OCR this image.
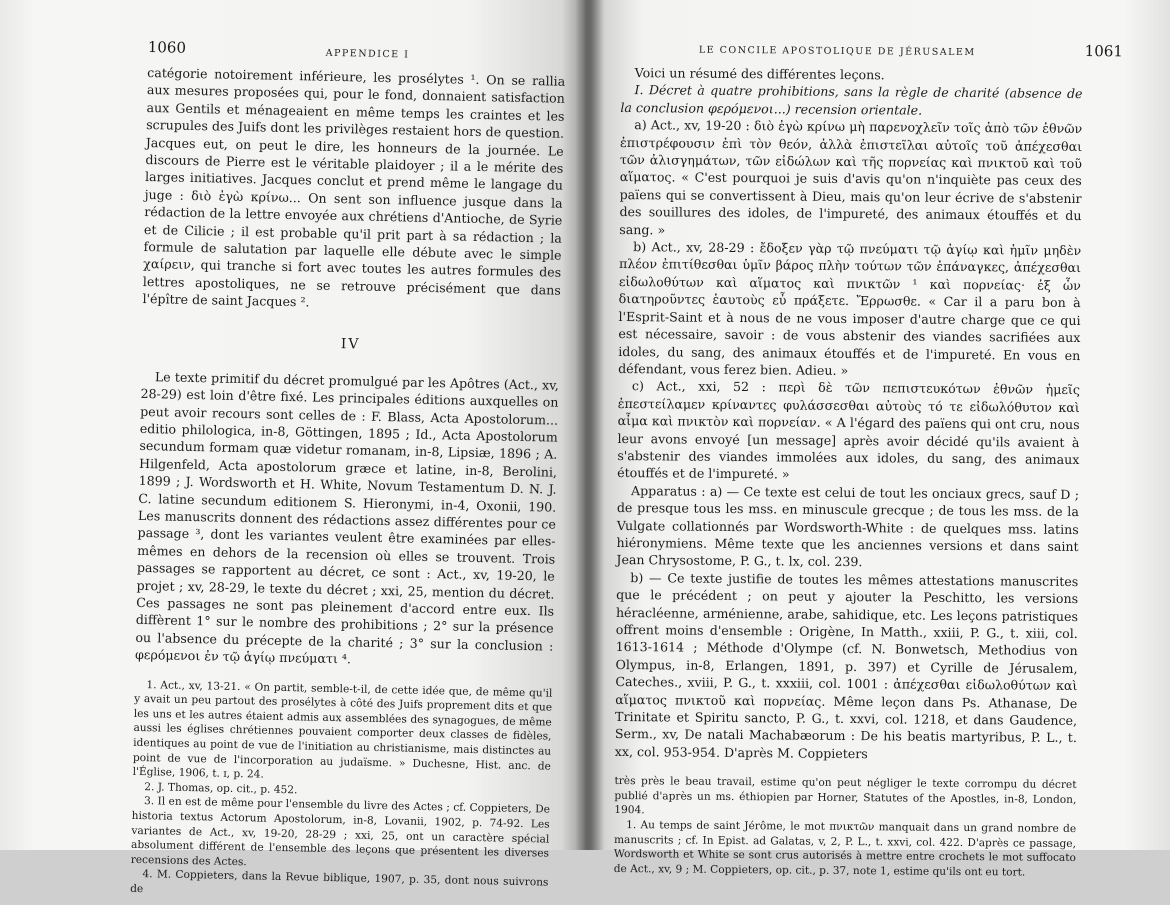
1060	APPENDICE I

catégorie notoirement inférieure, les prosélytes ¹. On se rallia aux mesures proposées qui, pour le fond, donnaient satisfaction aux Gentils et ménageaient en même temps les craintes et les scrupules des Juifs dont les privilèges restaient hors de question. Jacques eut, on peut le dire, les honneurs de la journée. Le discours de Pierre est le véritable plaidoyer ; il a le mérite des larges initiatives. Jacques conclut et prend même le langage du juge : διὸ ἐγὼ κρίνω... On sent son influence jusque dans la rédaction de la lettre envoyée aux chrétiens d'Antioche, de Syrie et de Cilicie ; il est probable qu'il prit part à sa rédaction ; la formule de salutation par laquelle elle débute avec le simple χαίρειν, qui tranche si fort avec toutes les autres formules des lettres apostoliques, ne se retrouve précisément que dans l'épître de saint Jacques ².

IV

Le texte primitif du décret promulgué par les Apôtres (Act., xv, 28-29) est loin d'être fixé. Les principales éditions auxquelles on peut avoir recours sont celles de : F. Blass, Acta Apostolorum... editio philologica, in-8, Göttingen, 1895 ; Id., Acta Apostolorum secundum formam quæ videtur romanam, in-8, Lipsiæ, 1896 ; A. Hilgenfeld, Acta apostolorum græce et latine, in-8, Berolini, 1899 ; J. Wordsworth et H. White, Novum Testamentum D. N. J. C. latine secundum editionem S. Hieronymi, in-4, Oxonii, 190. Les manuscrits donnent des rédactions assez différentes pour ce passage ³, dont les variantes veulent être examinées par elles-mêmes en dehors de la recension où elles se trouvent. Trois passages se rapportent au décret, ce sont : Act., xv, 19-20, le projet ; xv, 28-29, le texte du décret ; xxi, 25, mention du décret. Ces passages ne sont pas pleinement d'accord entre eux. Ils diffèrent 1° sur le nombre des prohibitions ; 2° sur la présence ou l'absence du précepte de la charité ; 3° sur la conclusion : φερόμενοι ἐν τῷ ἁγίῳ πνεύματι ⁴.

1. Act., xv, 13-21. « On partit, semble-t-il, de cette idée que, de même qu'il y avait un peu partout des prosélytes à côté des Juifs proprement dits et que les uns et les autres étaient admis aux assemblées des synagogues, de même aussi les églises chrétiennes pouvaient comporter deux classes de fidèles, identiques au point de vue de l'initiation au christianisme, mais distinctes au point de vue de l'incorporation au judaïsme. » Duchesne, Hist. anc. de l'Église, 1906, t. ɪ, p. 24.

2. J. Thomas, op. cit., p. 452.

3. Il en est de même pour l'ensemble du livre des Actes ; cf. Coppieters, De historia textus Actorum Apostolorum, in-8, Lovanii, 1902, p. 74-92. Les variantes de Act., xv, 19-20, 28-29 ; xxi, 25, ont un caractère spécial absolument différent de l'ensemble des leçons que présentent les diverses recensions des Actes.

4. M. Coppieters, dans la Revue biblique, 1907, p. 35, dont nous suivrons de

LE CONCILE APOSTOLIQUE DE JÉRUSALEM	1061

Voici un résumé des différentes leçons.

I. Décret à quatre prohibitions, sans la règle de charité (absence de la conclusion φερόμενοι...) recension orientale.

a) Act., xv, 19-20 : διὸ ἐγὼ κρίνω μὴ παρενοχλεῖν τοῖς ἀπὸ τῶν ἐθνῶν ἐπιστρέφουσιν ἐπὶ τὸν θεόν, ἀλλὰ ἐπιστεῖλαι αὐτοῖς τοῦ ἀπέχεσθαι τῶν ἀλισγημάτων, τῶν εἰδώλων καὶ τῆς πορνείας καὶ πνικτοῦ καὶ τοῦ αἵματος. « C'est pourquoi je suis d'avis qu'on n'inquiète pas ceux des païens qui se convertissent à Dieu, mais qu'on leur écrive de s'abstenir des souillures des idoles, de l'impureté, des animaux étouffés et du sang. »

b) Act., xv, 28-29 : ἔδοξεν γὰρ τῷ πνεύματι τῷ ἁγίῳ καὶ ἡμῖν μηδὲν πλέον ἐπιτίθεσθαι ὑμῖν βάρος πλὴν τούτων τῶν ἐπάναγκες, ἀπέχεσθαι εἰδωλοθύτων καὶ αἵματος καὶ πνικτῶν ¹ καὶ πορνείας· ἐξ ὧν διατηροῦντες ἑαυτοὺς εὖ πράξετε. Ἔρρωσθε. « Car il a paru bon à l'Esprit-Saint et à nous de ne vous imposer d'autre charge que ce qui est nécessaire, savoir : de vous abstenir des viandes sacrifiées aux idoles, du sang, des animaux étouffés et de l'impureté. En vous en défendant, vous ferez bien. Adieu. »

c) Act., xxi, 52 : περὶ δὲ τῶν πεπιστευκότων ἐθνῶν ἡμεῖς ἐπεστείλαμεν κρίναντες φυλάσσεσθαι αὐτοὺς τό τε εἰδωλόθυτον καὶ αἷμα καὶ πνικτὸν καὶ πορνείαν. « A l'égard des païens qui ont cru, nous leur avons envoyé [un message] après avoir décidé qu'ils avaient à s'abstenir des viandes immolées aux idoles, du sang, des animaux étouffés et de l'impureté. »

Apparatus : a) — Ce texte est celui de tout les onciaux grecs, sauf D ; de presque tous les mss. en minuscule grecque ; de tous les mss. de la Vulgate collationnés par Wordsworth-White : de quelques mss. latins hiéronymiens. Même texte que les anciennes versions et dans saint Jean Chrysostome, P. G., t. lx, col. 239.

b) — Ce texte justifie de toutes les mêmes attestations manuscrites que le précédent ; on peut y ajouter la Peschitto, les versions héracléenne, arménienne, arabe, sahidique, etc. Les leçons patristiques offrent moins d'ensemble : Origène, In Matth., xxiii, P. G., t. xiii, col. 1613-1614 ; Méthode d'Olympe (cf. N. Bonwetsch, Methodius von Olympus, in-8, Erlangen, 1891, p. 397) et Cyrille de Jérusalem, Cateches., xviii, P. G., t. xxxiii, col. 1001 : ἀπέχεσθαι εἰδωλοθύτων καὶ αἵματος πνικτοῦ καὶ πορνείας. Même leçon dans Ps. Athanase, De Trinitate et Spiritu sancto, P. G., t. xxvi, col. 1218, et dans Gaudence, Serm., xv, De natali Machabæorum : De his beatis martyribus, P. L., t. xx, col. 953-954. D'après M. Coppieters

très près le beau travail, estime qu'on peut négliger le texte corrompu du décret publié d'après un ms. éthiopien par Horner, Statutes of the Apostles, in-8, London, 1904.

1. Au temps de saint Jérôme, le mot πνικτῶν manquait dans un grand nombre de manuscrits ; cf. In Epist. ad Galatas, v, 2, P. L., t. xxvi, col. 422. D'après ce passage, Wordsworth et White se sont crus autorisés à mettre entre crochets le mot suffocato de Act., xv, 9 ; M. Coppieters, op. cit., p. 37, note 1, estime qu'ils ont eu tort.
